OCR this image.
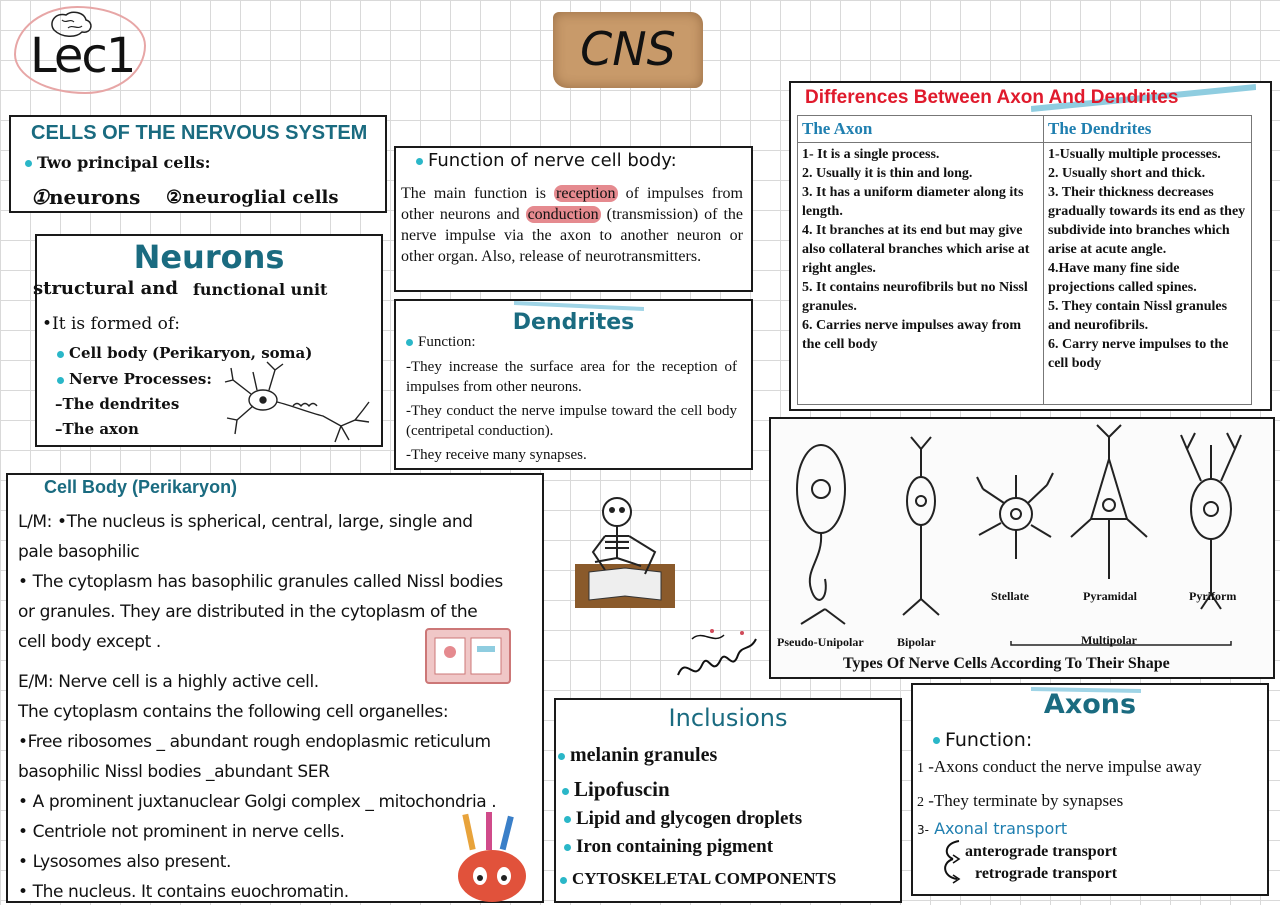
Lec1	CNS
CELLS OF THE NERVOUS SYSTEM
Two principal cells:
①neurons ②neuroglial cells
Neurons
structural and functional unit
•It is formed of:
Cell body (Perikaryon, soma)
Nerve Processes:
–The dendrites
–The axon
Function of nerve cell body:
The main function is reception of impulses from other neurons and conduction (transmission) of the nerve impulse via the axon to another neuron or other organ. Also, release of neurotransmitters.
Dendrites
Function:
-They increase the surface area for the reception of impulses from other neurons.
-They conduct the nerve impulse toward the cell body (centripetal conduction).
-They receive many synapses.
Differences Between Axon And Dendrites
The Axon
1- It is a single process.
2. Usually it is thin and long.
3. It has a uniform diameter along its length.
4. It branches at its end but may give also collateral branches which arise at right angles.
5. It contains neurofibrils but no Nissl granules.
6. Carries nerve impulses away from the cell body
The Dendrites
1-Usually multiple processes.
2. Usually short and thick.
3. Their thickness decreases gradually towards its end as they subdivide into branches which arise at acute angle.
4.Have many fine side projections called spines.
5. They contain Nissl granules and neurofibrils.
6. Carry nerve impulses to the cell body
Pseudo-Unipolar	Bipolar
Stellate	Pyramidal	Pyriform
Multipolar
Types Of Nerve Cells According To Their Shape
Cell Body (Perikaryon)
L/M: •The nucleus is spherical, central, large, single and
pale basophilic
• The cytoplasm has basophilic granules called Nissl bodies
or granules. They are distributed in the cytoplasm of the
cell body except .
E/M: Nerve cell is a highly active cell.
The cytoplasm contains the following cell organelles:
•Free ribosomes _ abundant rough endoplasmic reticulum
basophilic Nissl bodies _abundant SER
• A prominent juxtanuclear Golgi complex _ mitochondria .
• Centriole not prominent in nerve cells.
• Lysosomes also present.
• The nucleus. It contains euochromatin.
Inclusions
melanin granules
Lipofuscin
Lipid and glycogen droplets
Iron containing pigment
CYTOSKELETAL COMPONENTS
Axons
Function:
1 -Axons conduct the nerve impulse away
2 -They terminate by synapses
3- Axonal transport
anterograde transport
retrograde transport
